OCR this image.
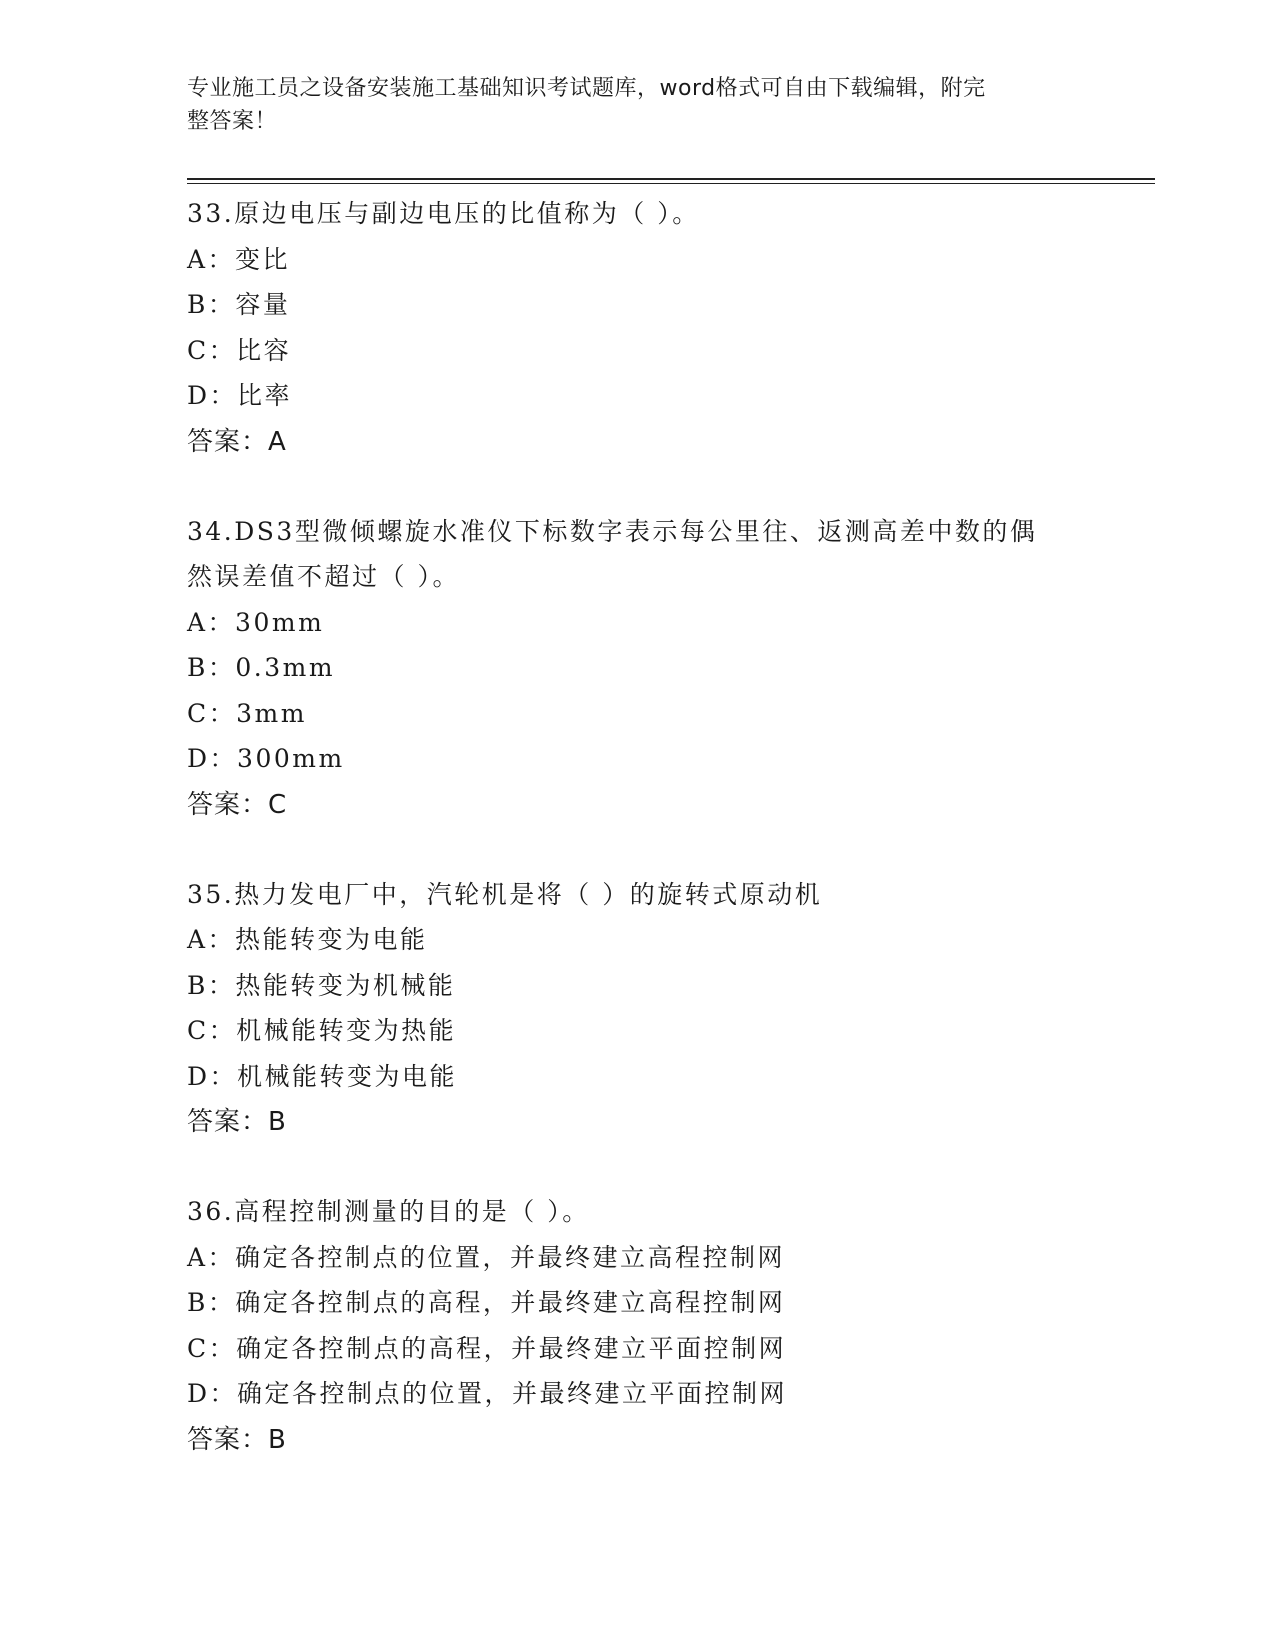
专业施工员之设备安装施工基础知识考试题库，word格式可自由下载编辑，附完
整答案！

33.原边电压与副边电压的比值称为（ ）。

A：变比

B：容量

C：比容

D：比率

答案：A

34.DS3型微倾螺旋水准仪下标数字表示每公里往、返测高差中数的偶

然误差值不超过（ ）。

A：30mm

B：0.3mm

C：3mm

D：300mm

答案：C

35.热力发电厂中，汽轮机是将（ ）的旋转式原动机

A：热能转变为电能

B：热能转变为机械能

C：机械能转变为热能

D：机械能转变为电能

答案：B

36.高程控制测量的目的是（ ）。

A：确定各控制点的位置，并最终建立高程控制网

B：确定各控制点的高程，并最终建立高程控制网

C：确定各控制点的高程，并最终建立平面控制网

D：确定各控制点的位置，并最终建立平面控制网

答案：B
